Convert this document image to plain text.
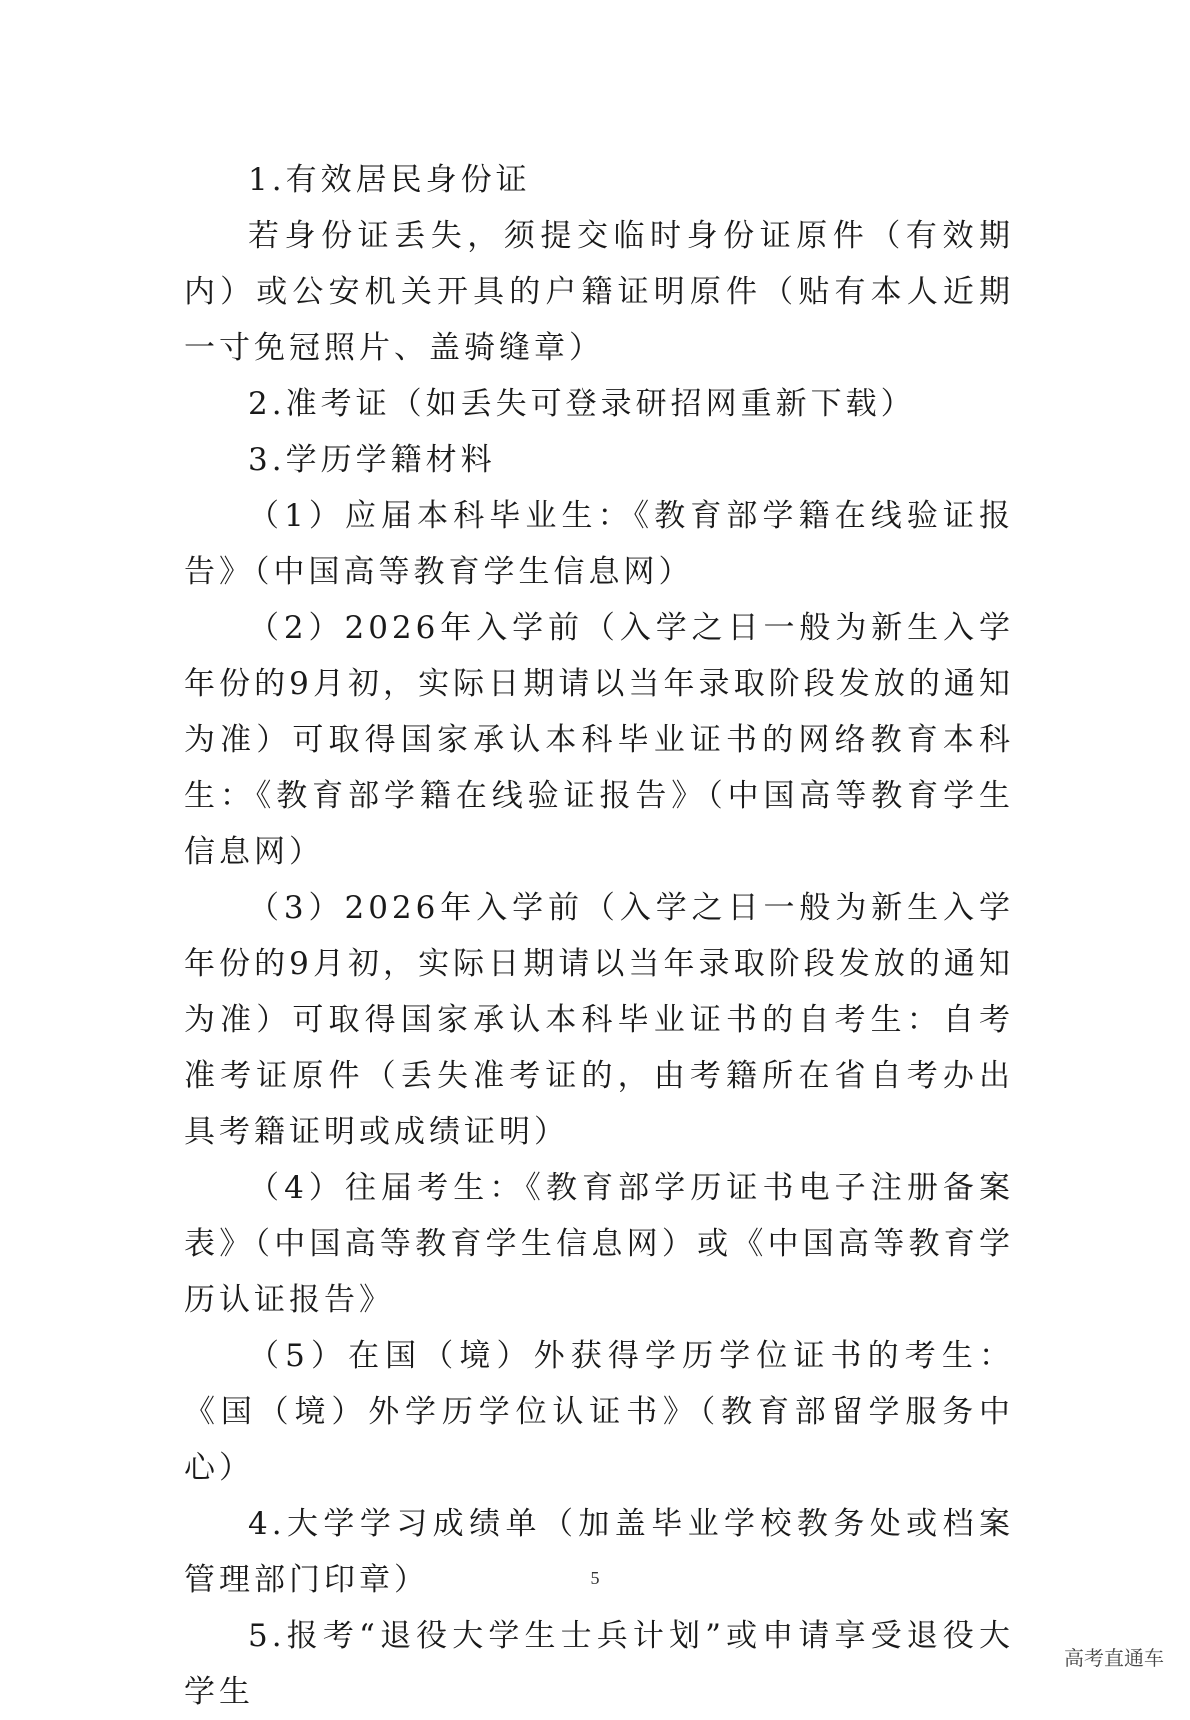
1.有效居民身份证

若身份证丢失，须提交临时身份证原件（有效期内）或公安机关开具的户籍证明原件（贴有本人近期一寸免冠照片、盖骑缝章）

2.准考证（如丢失可登录研招网重新下载）

3.学历学籍材料

（1）应届本科毕业生：《教育部学籍在线验证报告》（中国高等教育学生信息网）

（2）2026年入学前（入学之日一般为新生入学年份的9月初，实际日期请以当年录取阶段发放的通知为准）可取得国家承认本科毕业证书的网络教育本科生：《教育部学籍在线验证报告》（中国高等教育学生信息网）

（3）2026年入学前（入学之日一般为新生入学年份的9月初，实际日期请以当年录取阶段发放的通知为准）可取得国家承认本科毕业证书的自考生：自考准考证原件（丢失准考证的，由考籍所在省自考办出具考籍证明或成绩证明）

（4）往届考生：《教育部学历证书电子注册备案表》（中国高等教育学生信息网）或《中国高等教育学历认证报告》

（5）在国（境）外获得学历学位证书的考生：《国（境）外学历学位认证书》（教育部留学服务中心）

4.大学学习成绩单（加盖毕业学校教务处或档案管理部门印章）

5.报考“退役大学生士兵计划”或申请享受退役大学生

5
高考直通车
